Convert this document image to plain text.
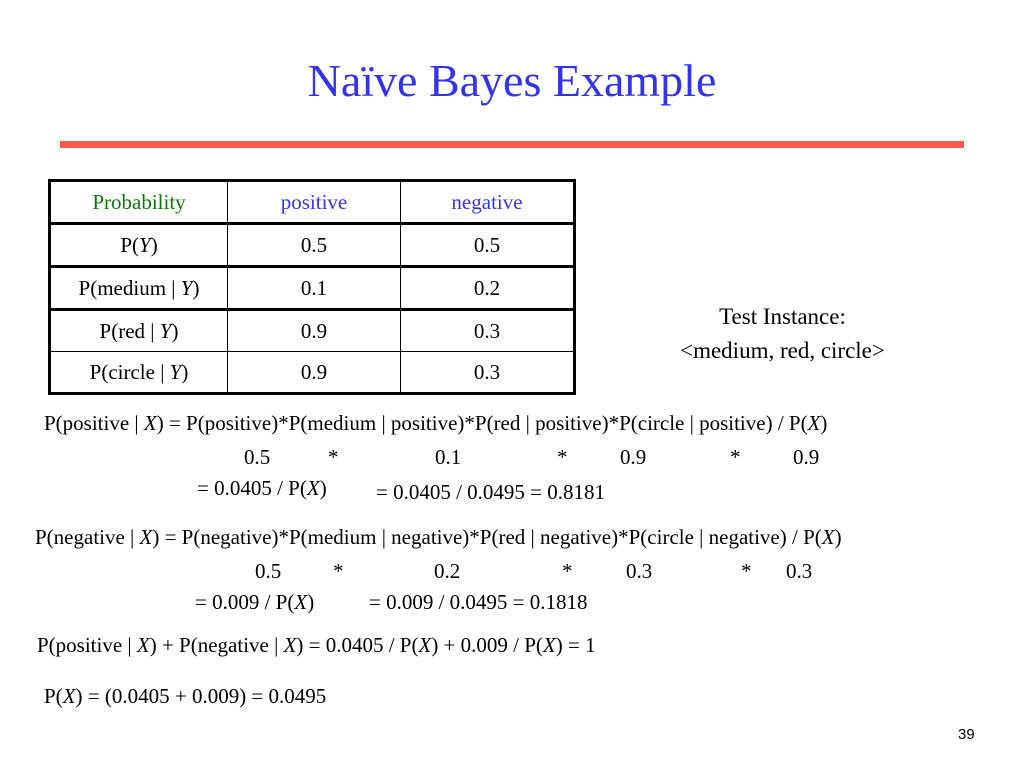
Naïve Bayes Example
Probability	positive	negative
P(Y)	0.5	0.5
P(medium | Y)	0.1	0.2
P(red | Y)	0.9	0.3
P(circle | Y)	0.9	0.3
Test Instance:
<medium, red, circle>
P(positive | X) = P(positive)*P(medium | positive)*P(red | positive)*P(circle | positive) / P(X)
0.5	*	0.1	*	0.9	*	0.9
= 0.0405 / P(X) = 0.0405 / 0.0495 = 0.8181
P(negative | X) = P(negative)*P(medium | negative)*P(red | negative)*P(circle | negative) / P(X)
0.5 *	0.2	*	0.3	* 0.3
= 0.009 / P(X)	= 0.009 / 0.0495 = 0.1818
P(positive | X) + P(negative | X) = 0.0405 / P(X) + 0.009 / P(X) = 1
P(X) = (0.0405 + 0.009) = 0.0495
39
